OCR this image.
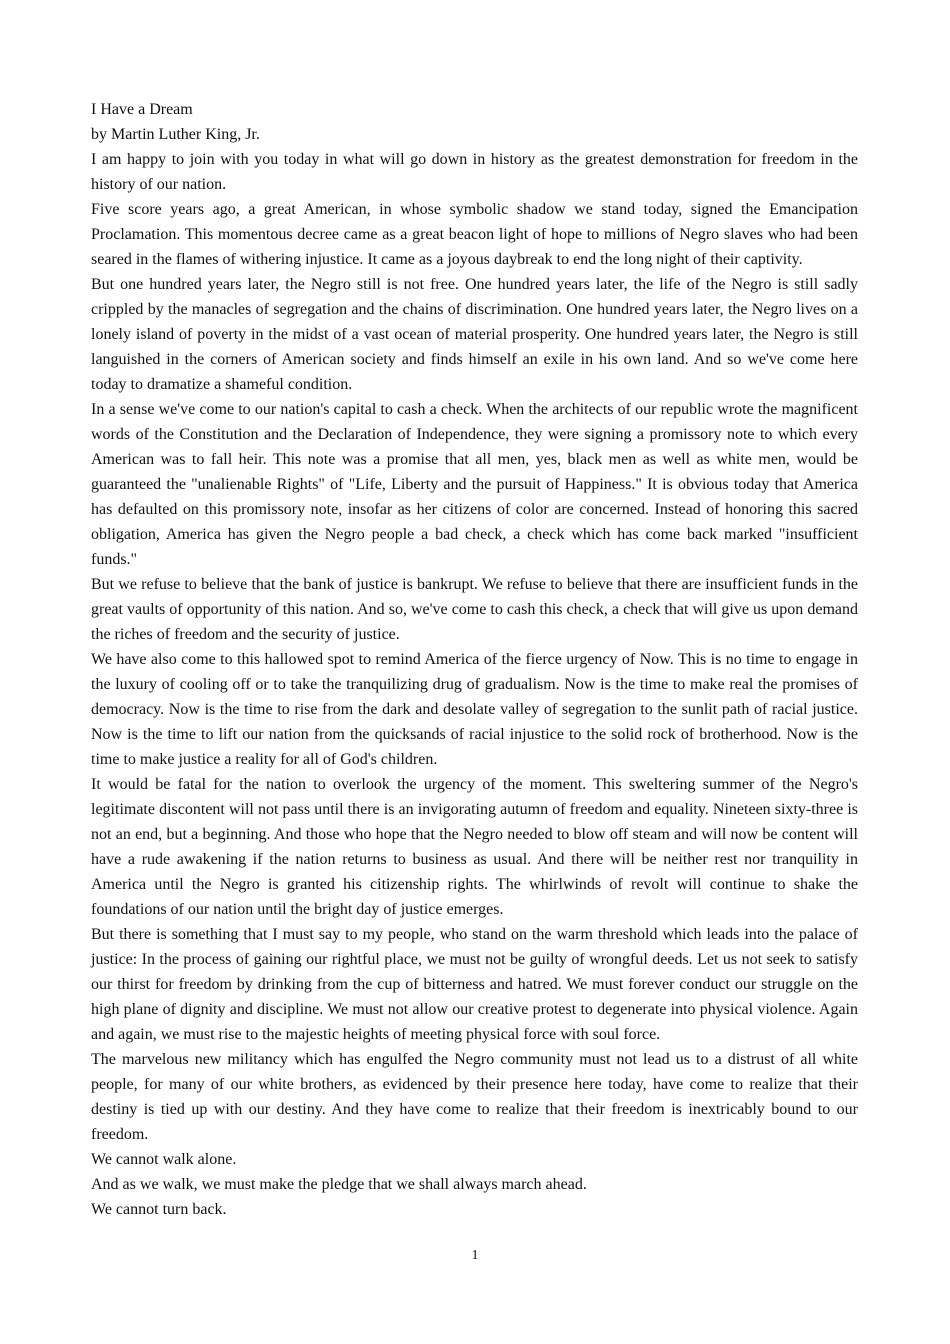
I Have a Dream

by Martin Luther King, Jr.

I am happy to join with you today in what will go down in history as the greatest demonstration for freedom in the history of our nation.

Five score years ago, a great American, in whose symbolic shadow we stand today, signed the Emancipation Proclamation. This momentous decree came as a great beacon light of hope to millions of Negro slaves who had been seared in the flames of withering injustice. It came as a joyous daybreak to end the long night of their captivity.

But one hundred years later, the Negro still is not free. One hundred years later, the life of the Negro is still sadly crippled by the manacles of segregation and the chains of discrimination. One hundred years later, the Negro lives on a lonely island of poverty in the midst of a vast ocean of material prosperity. One hundred years later, the Negro is still languished in the corners of American society and finds himself an exile in his own land. And so we've come here today to dramatize a shameful condition.

In a sense we've come to our nation's capital to cash a check. When the architects of our republic wrote the magnificent words of the Constitution and the Declaration of Independence, they were signing a promissory note to which every American was to fall heir. This note was a promise that all men, yes, black men as well as white men, would be guaranteed the "unalienable Rights" of "Life, Liberty and the pursuit of Happiness." It is obvious today that America has defaulted on this promissory note, insofar as her citizens of color are concerned. Instead of honoring this sacred obligation, America has given the Negro people a bad check, a check which has come back marked "insufficient funds."

But we refuse to believe that the bank of justice is bankrupt. We refuse to believe that there are insufficient funds in the great vaults of opportunity of this nation. And so, we've come to cash this check, a check that will give us upon demand the riches of freedom and the security of justice.

We have also come to this hallowed spot to remind America of the fierce urgency of Now. This is no time to engage in the luxury of cooling off or to take the tranquilizing drug of gradualism. Now is the time to make real the promises of democracy. Now is the time to rise from the dark and desolate valley of segregation to the sunlit path of racial justice. Now is the time to lift our nation from the quicksands of racial injustice to the solid rock of brotherhood. Now is the time to make justice a reality for all of God's children.

It would be fatal for the nation to overlook the urgency of the moment. This sweltering summer of the Negro's legitimate discontent will not pass until there is an invigorating autumn of freedom and equality. Nineteen sixty-three is not an end, but a beginning. And those who hope that the Negro needed to blow off steam and will now be content will have a rude awakening if the nation returns to business as usual. And there will be neither rest nor tranquility in America until the Negro is granted his citizenship rights. The whirlwinds of revolt will continue to shake the foundations of our nation until the bright day of justice emerges.

But there is something that I must say to my people, who stand on the warm threshold which leads into the palace of justice: In the process of gaining our rightful place, we must not be guilty of wrongful deeds. Let us not seek to satisfy our thirst for freedom by drinking from the cup of bitterness and hatred. We must forever conduct our struggle on the high plane of dignity and discipline. We must not allow our creative protest to degenerate into physical violence. Again and again, we must rise to the majestic heights of meeting physical force with soul force.

The marvelous new militancy which has engulfed the Negro community must not lead us to a distrust of all white people, for many of our white brothers, as evidenced by their presence here today, have come to realize that their destiny is tied up with our destiny. And they have come to realize that their freedom is inextricably bound to our freedom.

We cannot walk alone.

And as we walk, we must make the pledge that we shall always march ahead.

We cannot turn back.

1
